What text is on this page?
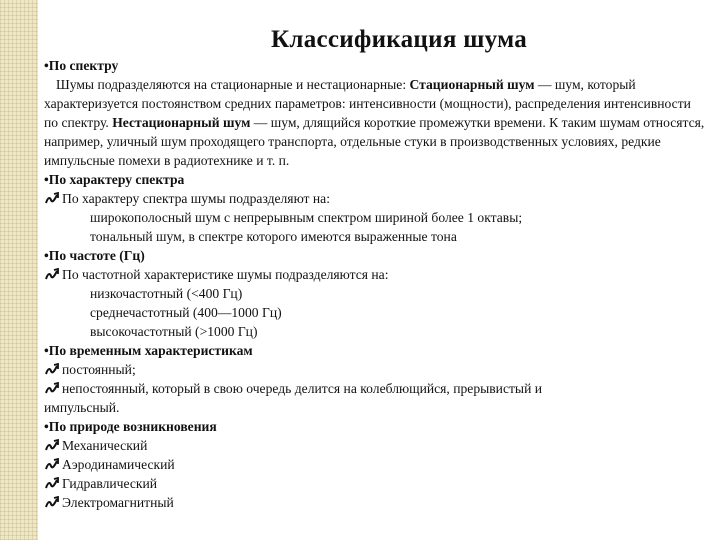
Классификация шума

•По спектру

Шумы подразделяются на стационарные и нестационарные: Стационарный шум — шум, который характеризуется постоянством средних параметров: интенсивности (мощности), распределения интенсивности по спектру. Нестационарный шум — шум, длящийся короткие промежутки времени. К таким шумам относятся, например, уличный шум проходящего транспорта, отдельные стуки в производственных условиях, редкие импульсные помехи в радиотехнике и т. п.

•По характеру спектра

По характеру спектра шумы подразделяют на:

широкополосный шум с непрерывным спектром шириной более 1 октавы;

тональный шум, в спектре которого имеются выраженные тона

•По частоте (Гц)

По частотной характеристике шумы подразделяются на:

низкочастотный (<400 Гц)

среднечастотный (400—1000 Гц)

высокочастотный (>1000 Гц)

•По временным характеристикам

постоянный;
непостоянный, который в свою очередь делится на колеблющийся, прерывистый и

импульсный.

•По природе возникновения

Механический
Аэродинамический
Гидравлический
Электромагнитный
